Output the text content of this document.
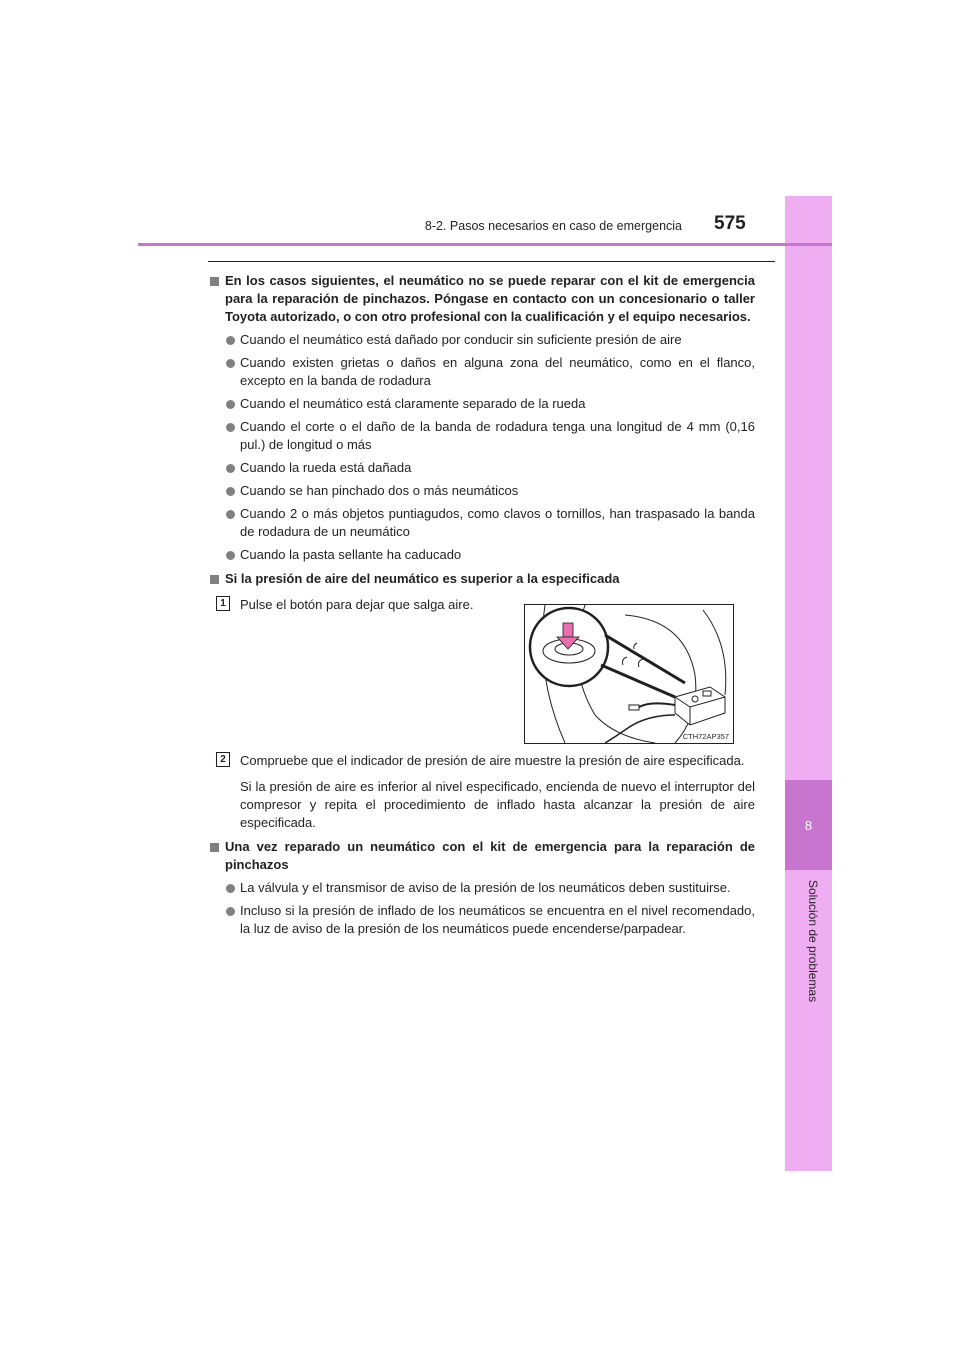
8
Solución de problemas
8-2. Pasos necesarios en caso de emergencia 575
En los casos siguientes, el neumático no se puede reparar con el kit de emergencia para la reparación de pinchazos. Póngase en contacto con un concesionario o taller Toyota autorizado, o con otro profesional con la cualificación y el equipo necesarios.
Cuando el neumático está dañado por conducir sin suficiente presión de aire
Cuando existen grietas o daños en alguna zona del neumático, como en el flanco, excepto en la banda de rodadura
Cuando el neumático está claramente separado de la rueda
Cuando el corte o el daño de la banda de rodadura tenga una longitud de 4 mm (0,16 pul.) de longitud o más
Cuando la rueda está dañada
Cuando se han pinchado dos o más neumáticos
Cuando 2 o más objetos puntiagudos, como clavos o tornillos, han traspasado la banda de rodadura de un neumático
Cuando la pasta sellante ha caducado
Si la presión de aire del neumático es superior a la especificada
1	Pulse el botón para dejar que salga aire.
2	Compruebe que el indicador de presión de aire muestre la presión de aire especificada.
Si la presión de aire es inferior al nivel especificado, encienda de nuevo el interruptor del compresor y repita el procedimiento de inflado hasta alcanzar la presión de aire especificada.
Una vez reparado un neumático con el kit de emergencia para la reparación de pinchazos
La válvula y el transmisor de aviso de la presión de los neumáticos deben sustituirse.
Incluso si la presión de inflado de los neumáticos se encuentra en el nivel recomendado, la luz de aviso de la presión de los neumáticos puede encenderse/parpadear.
CTH72AP357
